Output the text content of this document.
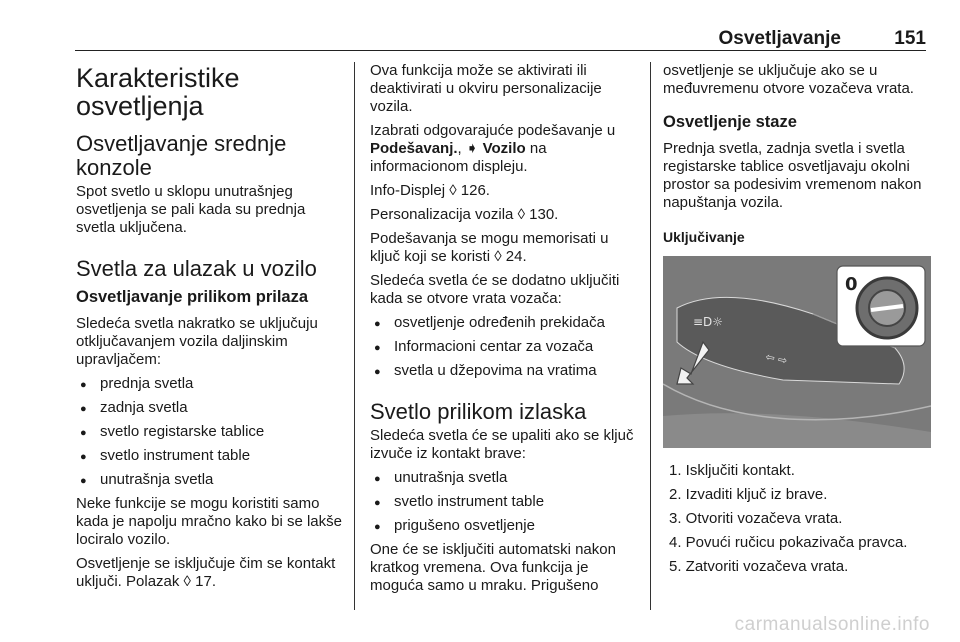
Osvetljavanje	151
Karakteristike osvetljenja
Osvetljavanje srednje konzole

Spot svetlo u sklopu unutrašnjeg osvetljenja se pali kada su prednja svetla uključena.

Svetla za ulazak u vozilo
Osvetljavanje prilikom prilaza

Sledeća svetla nakratko se uključuju otključavanjem vozila daljinskim upravljačem:

● prednja svetla
● zadnja svetla
● svetlo registarske tablice
● svetlo instrument table
● unutrašnja svetla

Neke funkcije se mogu koristiti samo kada je napolju mračno kako bi se lakše lociralo vozilo.

Osvetljenje se isključuje čim se kontakt uključi. Polazak ◊ 17.

Ova funkcija može se aktivirati ili deaktivirati u okviru personalizacije vozila.

Izabrati odgovarajuće podešavanje u Podešavanj., ➧ Vozilo na informacionom displeju.

Info-Displej ◊ 126.

Personalizacija vozila ◊ 130.

Podešavanja se mogu memorisati u ključ koji se koristi ◊ 24.

Sledeća svetla će se dodatno uključiti kada se otvore vrata vozača:

● osvetljenje određenih prekidača
● Informacioni centar za vozača
● svetla u džepovima na vratima
Svetlo prilikom izlaska

Sledeća svetla će se upaliti ako se ključ izvuče iz kontakt brave:

● unutrašnja svetla
● svetlo instrument table
● prigušeno osvetljenje

One će se isključiti automatski nakon kratkog vremena. Ova funkcija je moguća samo u mraku. Prigušeno

osvetljenje se uključuje ako se u međuvremenu otvore vozačeva vrata.

Osvetljenje staze

Prednja svetla, zadnja svetla i svetla registarske tablice osvetljavaju okolni prostor sa podesivim vremenom nakon napuštanja vozila.

Uključivanje
≡D☼
⇦ ⇨
0
1. Isključiti kontakt.
2. Izvaditi ključ iz brave.
3. Otvoriti vozačeva vrata.
4. Povući ručicu pokazivača pravca.
5. Zatvoriti vozačeva vrata.
carmanualsonline.info
